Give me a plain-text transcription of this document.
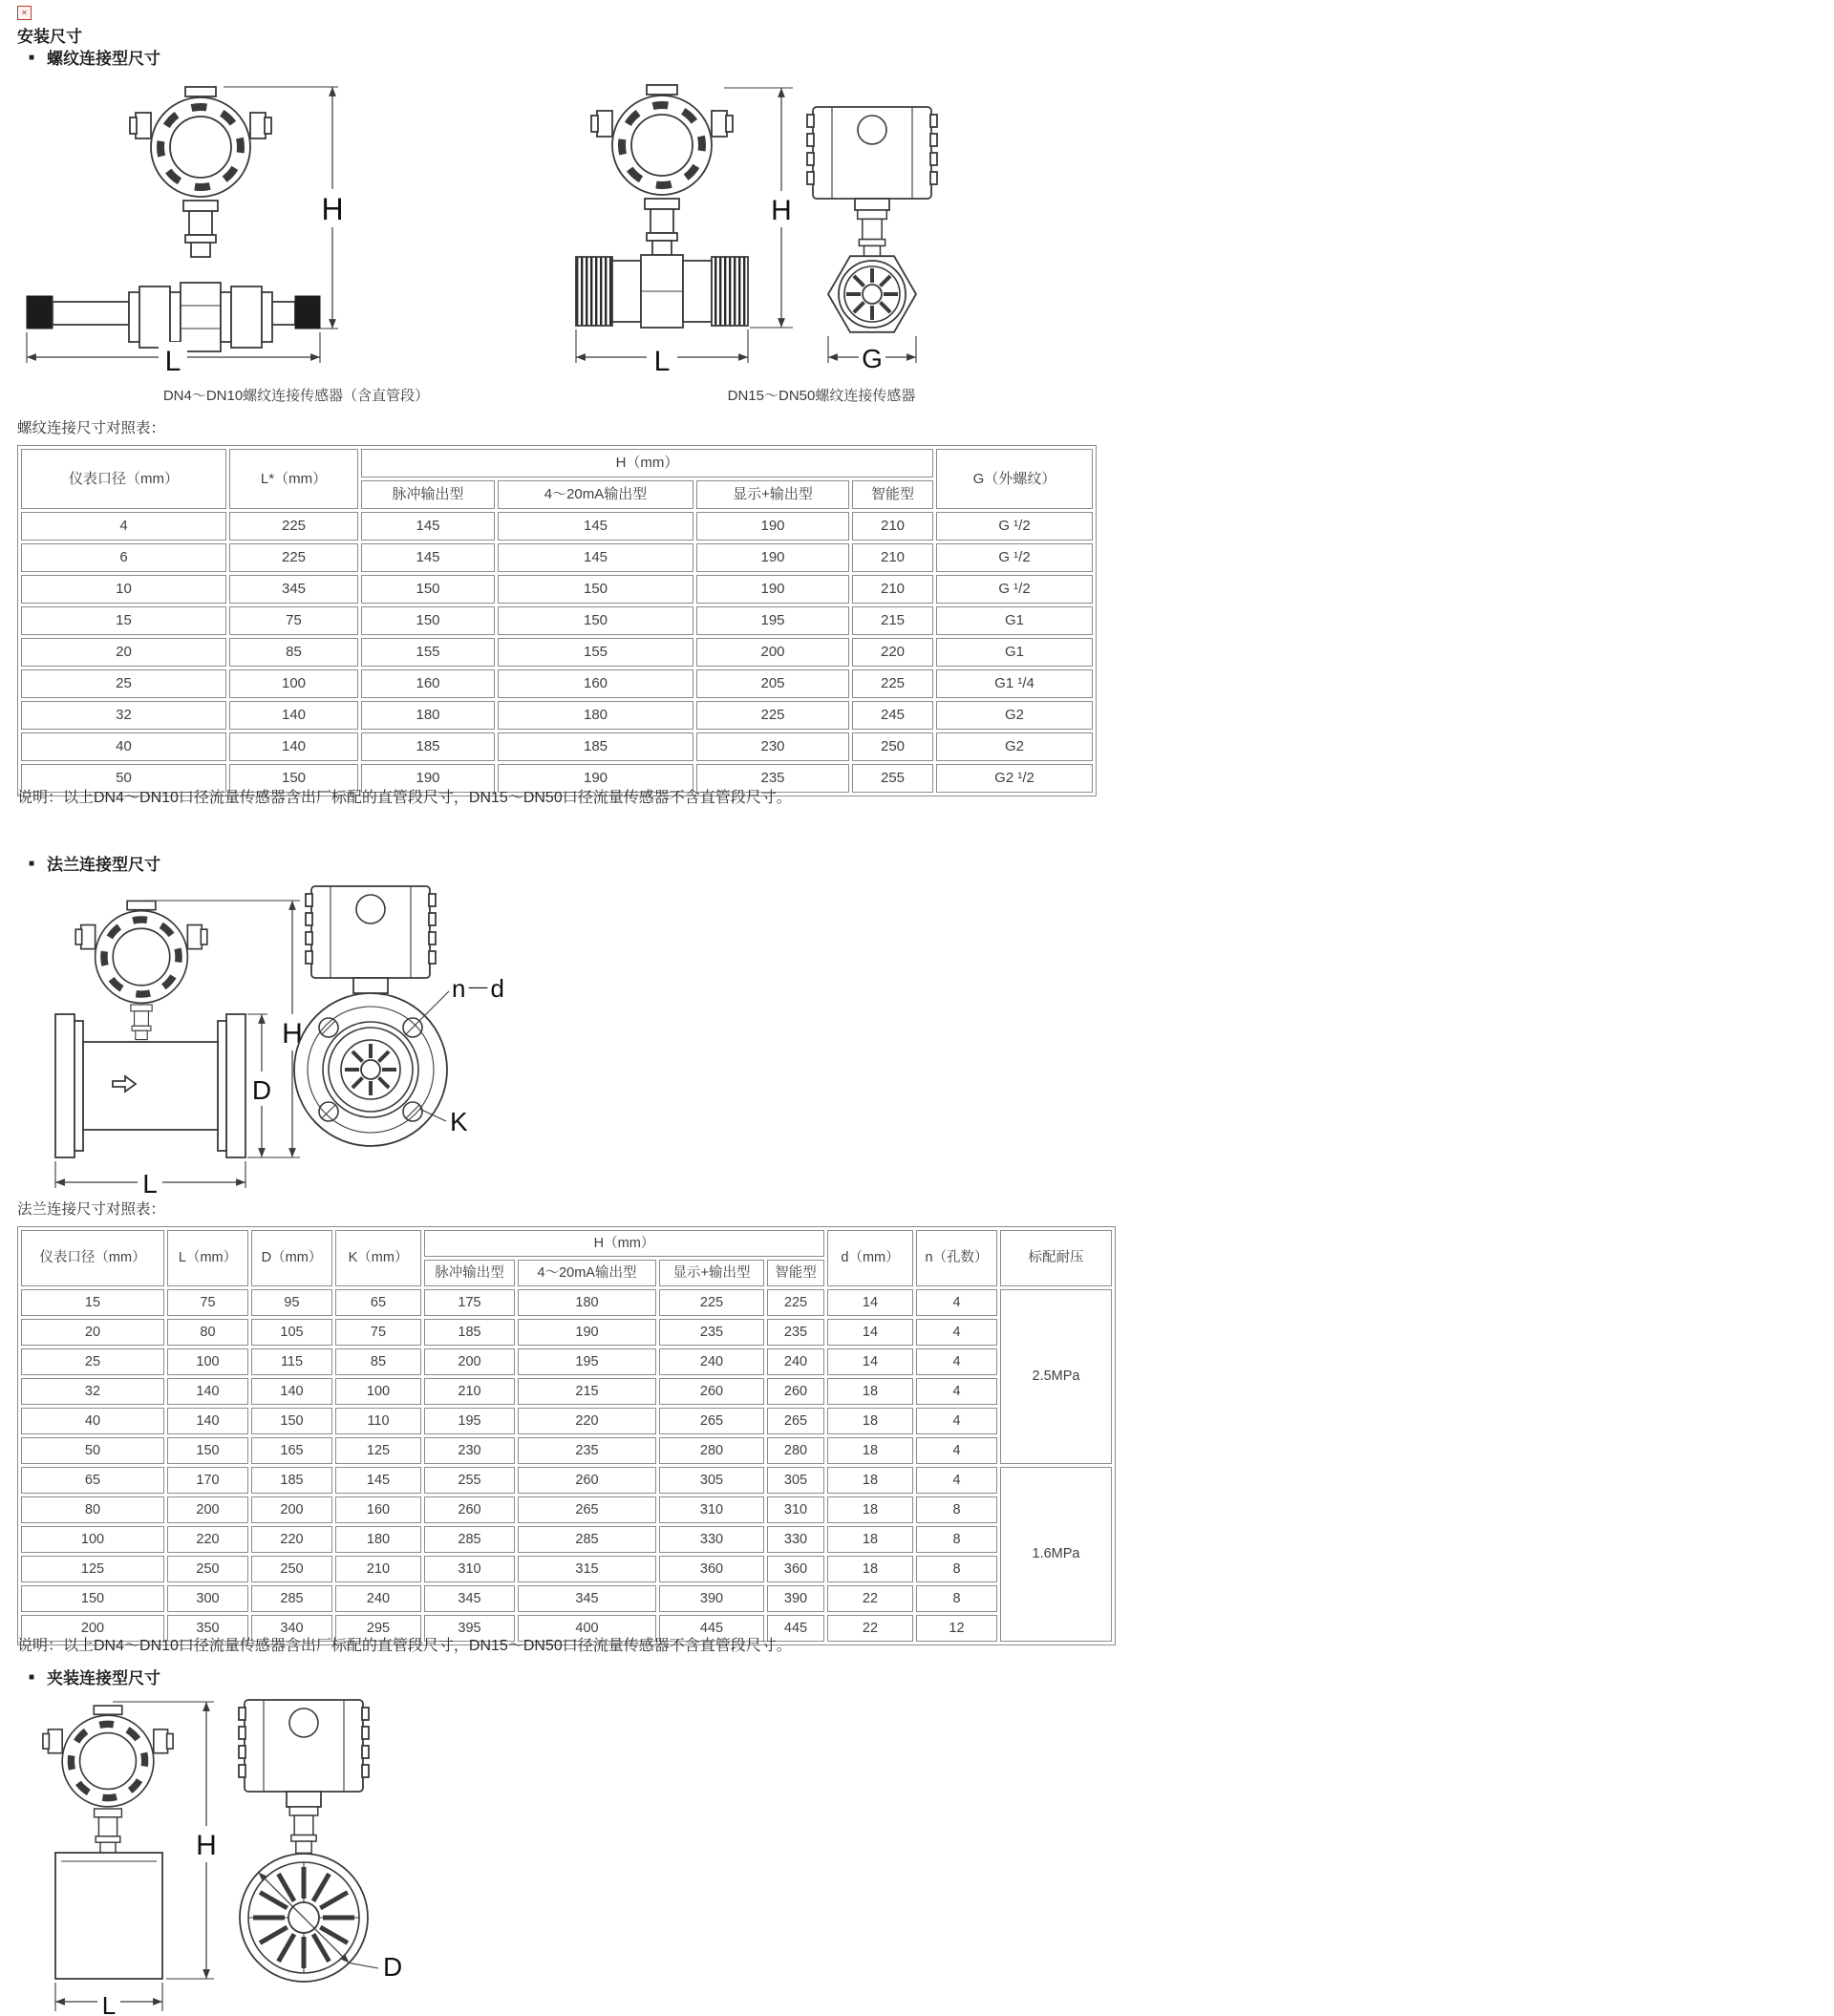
✕
安装尺寸
■ 螺纹连接型尺寸
H
L	L
H
G
DN4～DN10螺纹连接传感器（含直管段）	DN15～DN50螺纹连接传感器
螺纹连接尺寸对照表：
仪表口径（mm）	L*（mm）	H（mm）				G（外螺纹）
		脉冲输出型	4～20mA输出型	显示+输出型	智能型	
4	225	145	145	190	210	G ¹/2
6	225	145	145	190	210	G ¹/2
10	345	150	150	190	210	G ¹/2
15	75	150	150	195	215	G1
20	85	155	155	200	220	G1
25	100	160	160	205	225	G1 ¹/4
32	140	180	180	225	245	G2
40	140	185	185	230	250	G2
50	150	190	190	235	255	G2 ¹/2
说明：以上DN4～DN10口径流量传感器含出厂标配的直管段尺寸，DN15～DN50口径流量传感器不含直管段尺寸。
■ 法兰连接型尺寸
D
H
L
n－d
K
法兰连接尺寸对照表：
仪表口径（mm）	L（mm）	D（mm）	K（mm）	H（mm）				d（mm）	n（孔数）	标配耐压
				脉冲输出型	4～20mA输出型	显示+输出型	智能型			
15	75	95	65	175	180	225	225	14	4	2.5MPa
20	80	105	75	185	190	235	235	14	4	
25	100	115	85	200	195	240	240	14	4	
32	140	140	100	210	215	260	260	18	4	
40	140	150	110	195	220	265	265	18	4	
50	150	165	125	230	235	280	280	18	4	
65	170	185	145	255	260	305	305	18	4	1.6MPa
80	200	200	160	260	265	310	310	18	8	
100	220	220	180	285	285	330	330	18	8	
125	250	250	210	310	315	360	360	18	8	
150	300	285	240	345	345	390	390	22	8	
200	350	340	295	395	400	445	445	22	12	
说明：以上DN4～DN10口径流量传感器含出厂标配的直管段尺寸，DN15～DN50口径流量传感器不含直管段尺寸。
■ 夹装连接型尺寸
H
L
D
